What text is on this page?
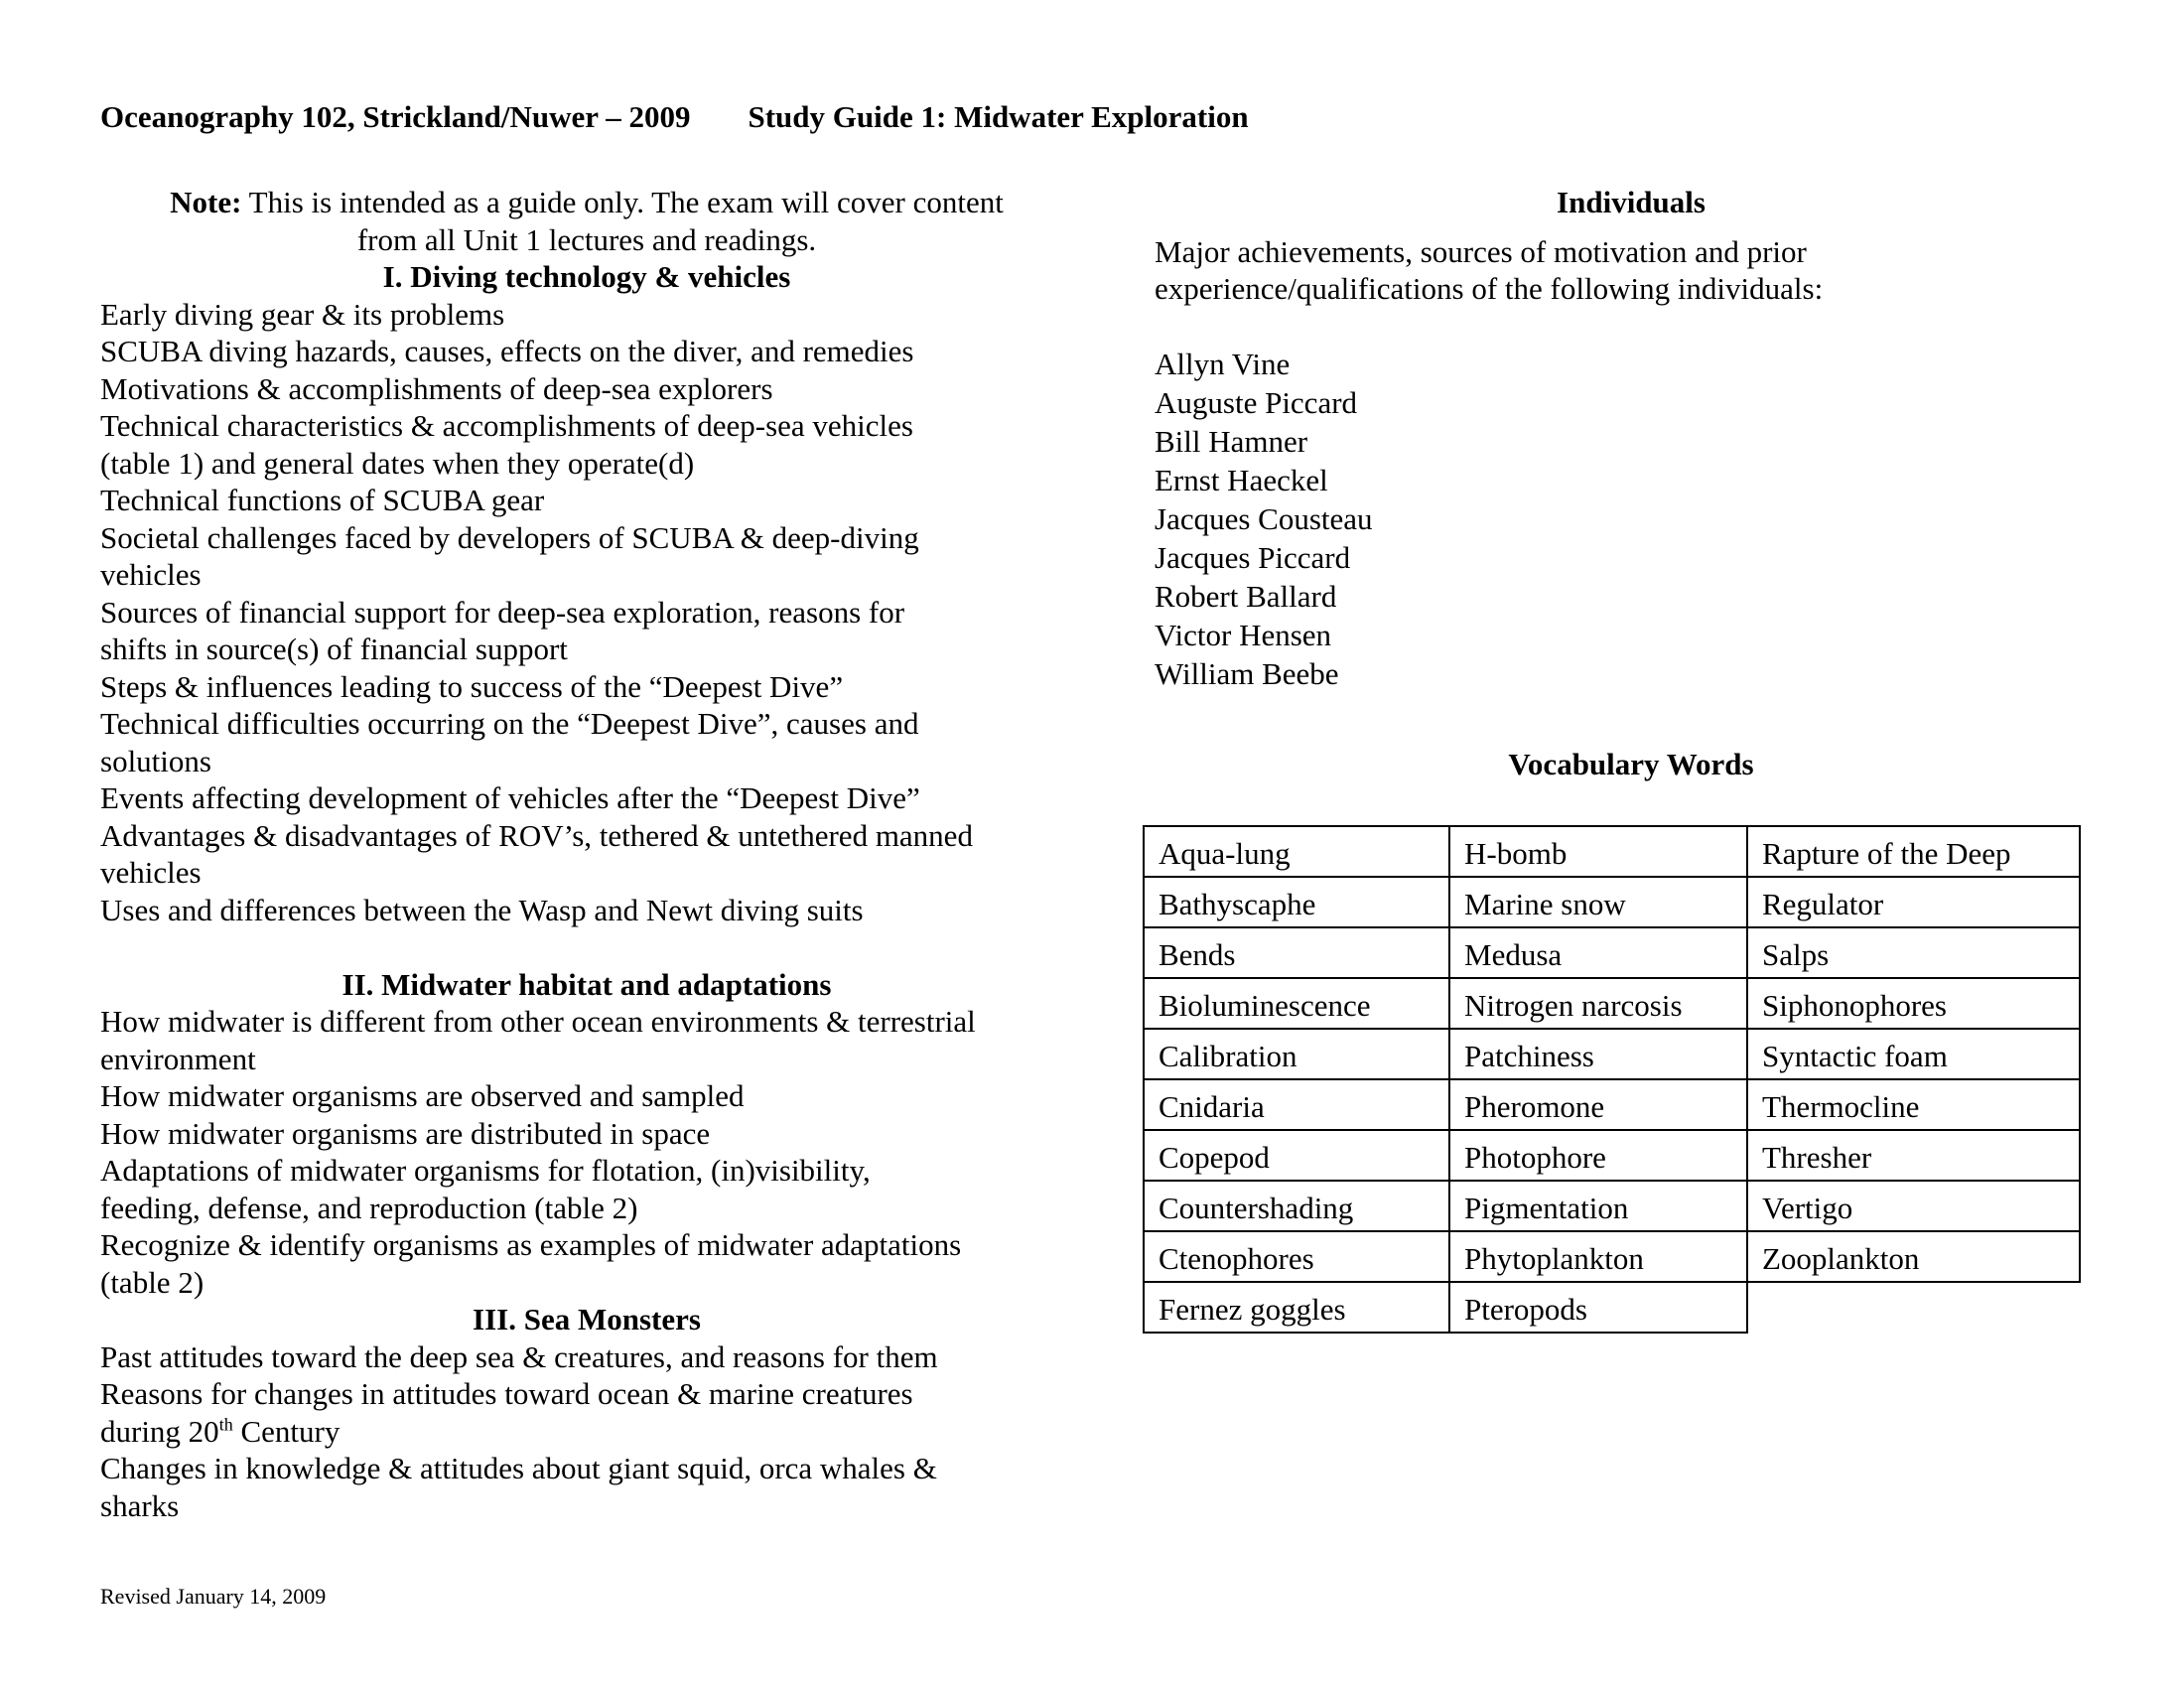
Oceanography 102, Strickland/Nuwer – 2009 Study Guide 1: Midwater Exploration
Note: This is intended as a guide only. The exam will cover content
from all Unit 1 lectures and readings.
I. Diving technology & vehicles
Early diving gear & its problems
SCUBA diving hazards, causes, effects on the diver, and remedies
Motivations & accomplishments of deep-sea explorers
Technical characteristics & accomplishments of deep-sea vehicles
(table 1) and general dates when they operate(d)
Technical functions of SCUBA gear
Societal challenges faced by developers of SCUBA & deep-diving
vehicles
Sources of financial support for deep-sea exploration, reasons for
shifts in source(s) of financial support
Steps & influences leading to success of the “Deepest Dive”
Technical difficulties occurring on the “Deepest Dive”, causes and
solutions
Events affecting development of vehicles after the “Deepest Dive”
Advantages & disadvantages of ROV’s, tethered & untethered manned
vehicles
Uses and differences between the Wasp and Newt diving suits
II. Midwater habitat and adaptations
How midwater is different from other ocean environments & terrestrial
environment
How midwater organisms are observed and sampled
How midwater organisms are distributed in space
Adaptations of midwater organisms for flotation, (in)visibility,
feeding, defense, and reproduction (table 2)
Recognize & identify organisms as examples of midwater adaptations
(table 2)
III. Sea Monsters
Past attitudes toward the deep sea & creatures, and reasons for them
Reasons for changes in attitudes toward ocean & marine creatures
during 20th Century
Changes in knowledge & attitudes about giant squid, orca whales &
sharks
Individuals
Major achievements, sources of motivation and prior
experience/qualifications of the following individuals:
Allyn Vine
Auguste Piccard
Bill Hamner
Ernst Haeckel
Jacques Cousteau
Jacques Piccard
Robert Ballard
Victor Hensen
William Beebe
Vocabulary Words
Aqua-lung	H-bomb	Rapture of the Deep
Bathyscaphe	Marine snow	Regulator
Bends	Medusa	Salps
Bioluminescence	Nitrogen narcosis	Siphonophores
Calibration	Patchiness	Syntactic foam
Cnidaria	Pheromone	Thermocline
Copepod	Photophore	Thresher
Countershading	Pigmentation	Vertigo
Ctenophores	Phytoplankton	Zooplankton
Fernez goggles	Pteropods	
Revised January 14, 2009
